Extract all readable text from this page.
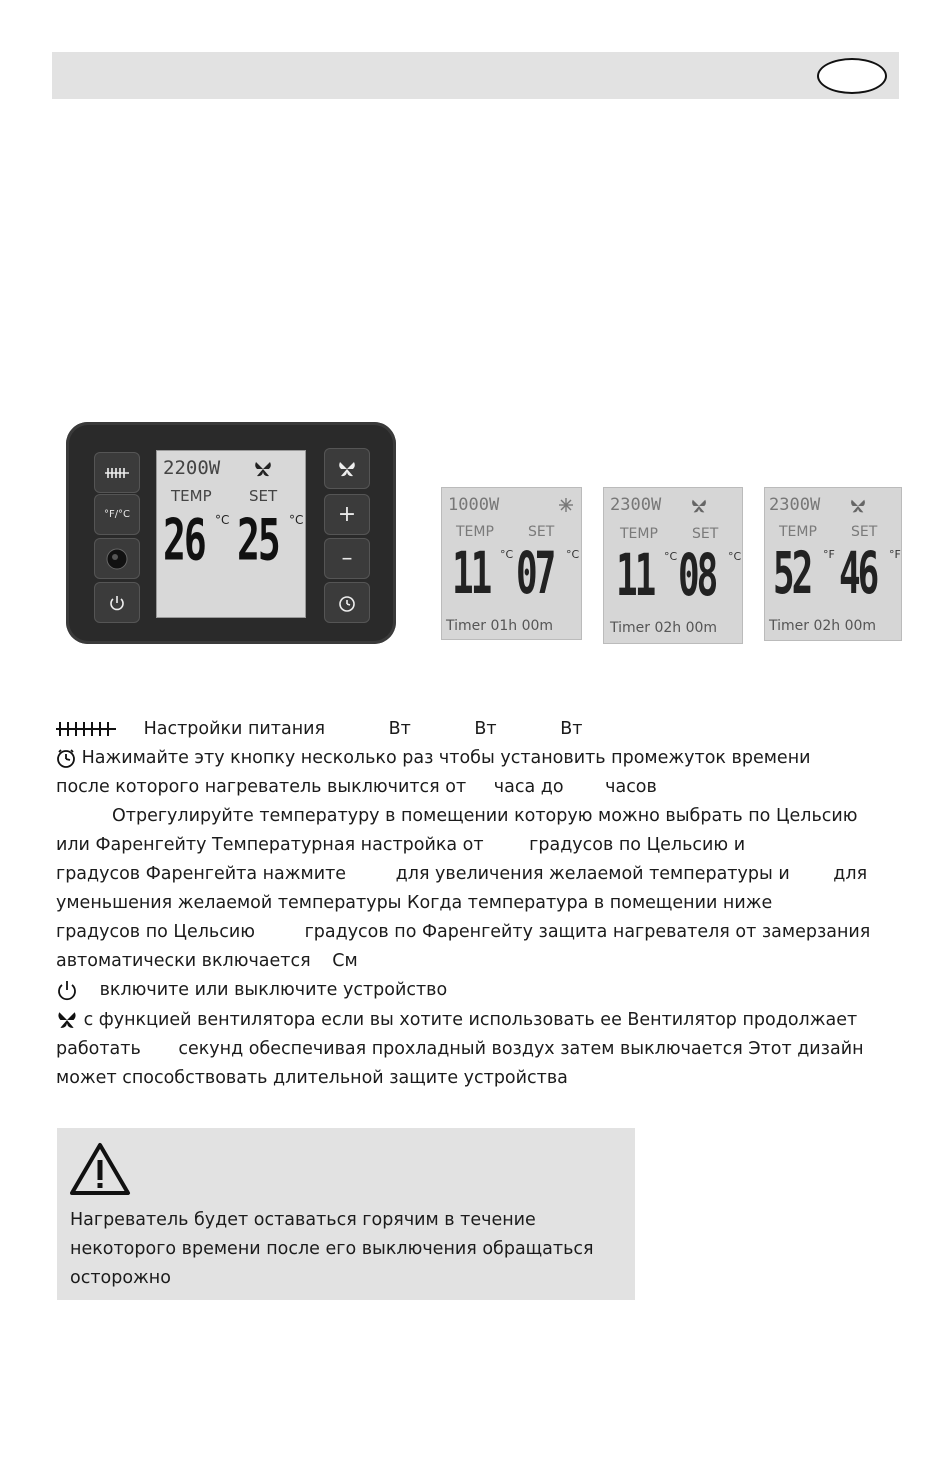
°F/°C
2200W
TEMP SET
26 °C 25 °C +
–
1000W
TEMP SET
11 °C 07 °C
Timer 01h 00m
2300W
TEMP SET
11 °C 08 °C
Timer 02h 00m
2300W
TEMP SET
52 °F 46 °F
Timer 02h 00m
Настройки питания	Вт	Вт	Вт
Нажимайте эту кнопку несколько раз чтобы установить промежуток времени
после которого нагреватель выключится от часа до часов
Отрегулируйте температуру в помещении которую можно выбрать по Цельсию
или Фаренгейту Температурная настройка от	градусов по Цельсию и
градусов Фаренгейта нажмите	для увеличения желаемой температуры и для
уменьшения желаемой температуры Когда температура в помещении ниже
градусов по Цельсию	градусов по Фаренгейту защита нагревателя от замерзания
автоматически включается См
включите или выключите устройство
с функцией вентилятора если вы хотите использовать ее Вентилятор продолжает
работать секунд обеспечивая прохладный воздух затем выключается Этот дизайн
может способствовать длительной защите устройства
Нагреватель будет оставаться горячим в течение
некоторого времени после его выключения обращаться
осторожно
